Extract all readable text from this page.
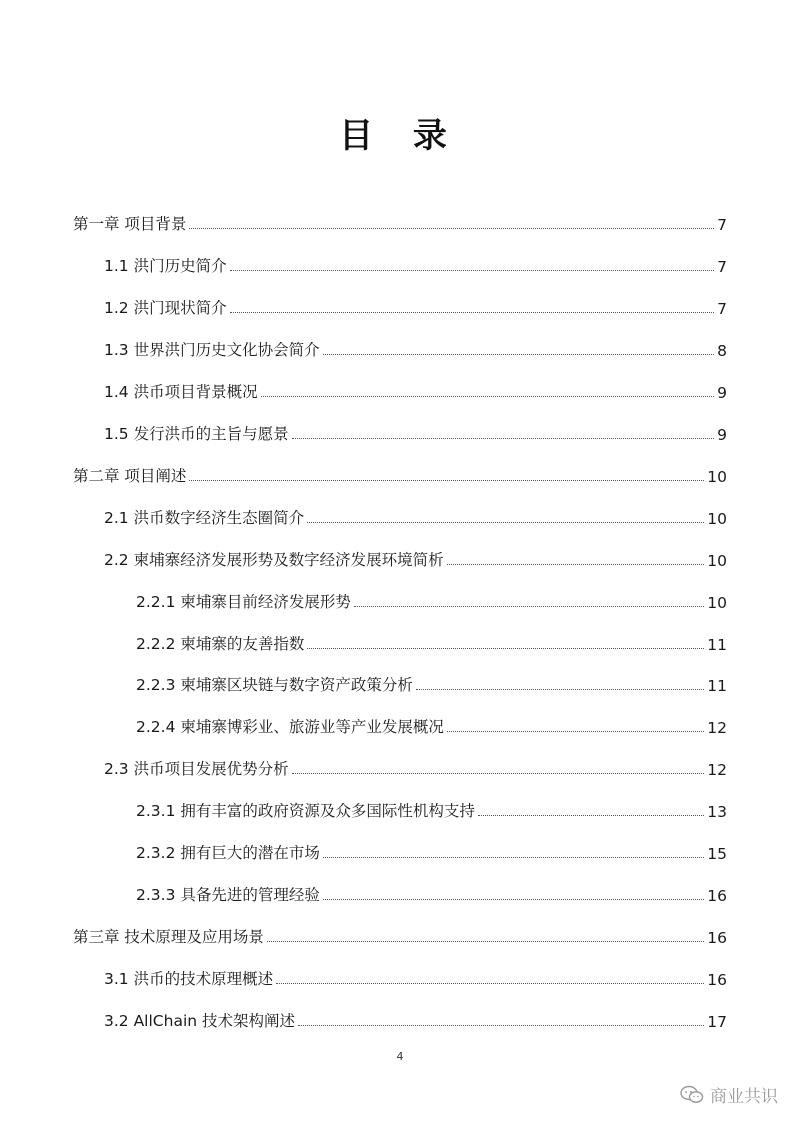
目 录
第一章 项目背景	7
1.1 洪门历史简介	7
1.2 洪门现状简介	7
1.3 世界洪门历史文化协会简介	8
1.4 洪币项目背景概况	9
1.5 发行洪币的主旨与愿景	9
第二章 项目阐述	10
2.1 洪币数字经济生态圈简介	10
2.2 柬埔寨经济发展形势及数字经济发展环境简析	10
2.2.1 柬埔寨目前经济发展形势	10
2.2.2 柬埔寨的友善指数	11
2.2.3 柬埔寨区块链与数字资产政策分析	11
2.2.4 柬埔寨博彩业、旅游业等产业发展概况	12
2.3 洪币项目发展优势分析	12
2.3.1 拥有丰富的政府资源及众多国际性机构支持	13
2.3.2 拥有巨大的潜在市场	15
2.3.3 具备先进的管理经验	16
第三章 技术原理及应用场景	16
3.1 洪币的技术原理概述	16
3.2 AllChain 技术架构阐述	17
4
商业共识
